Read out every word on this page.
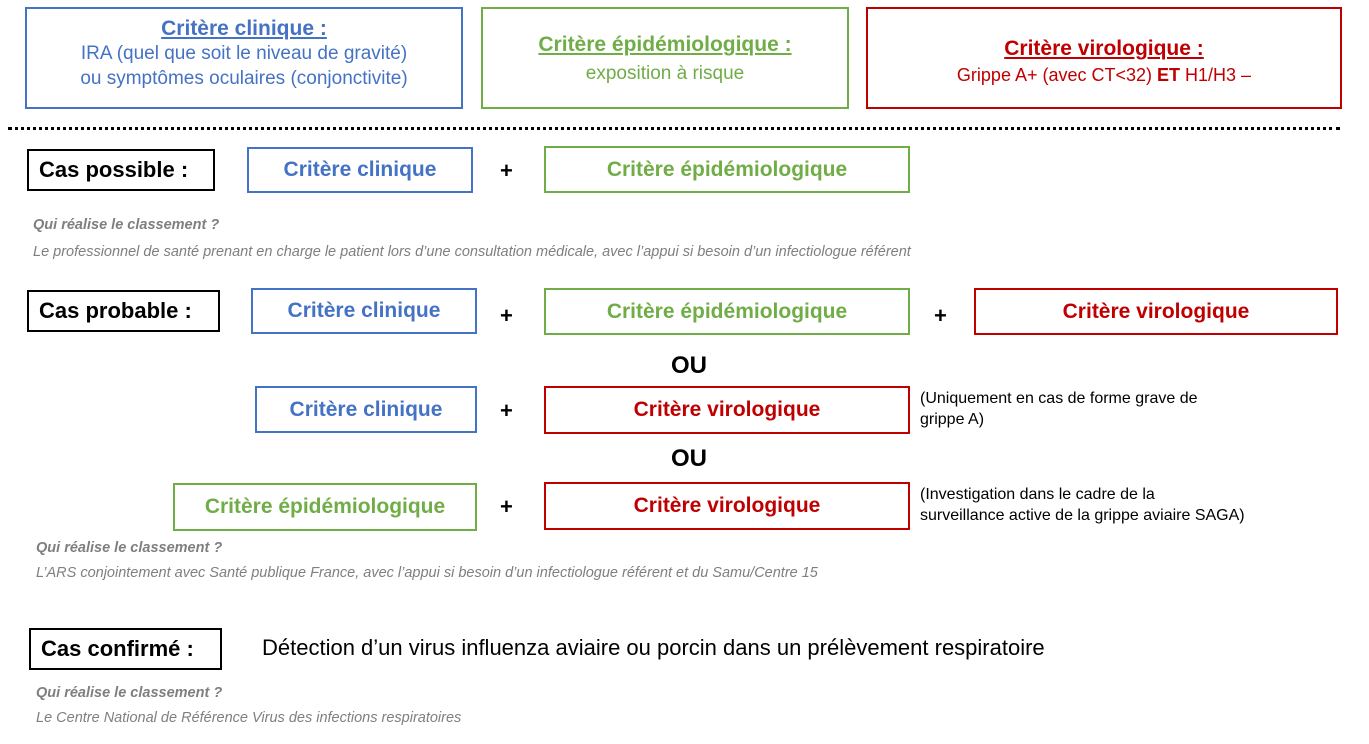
Critère clinique :
IRA (quel que soit le niveau de gravité)
ou symptômes oculaires (conjonctivite)
Critère épidémiologique :
exposition à risque
Critère virologique :
Grippe A+ (avec CT<32) ET H1/H3 –
Cas possible :	Critère clinique	+	Critère épidémiologique
Qui réalise le classement ?
Le professionnel de santé prenant en charge le patient lors d’une consultation médicale, avec l’appui si besoin d’un infectiologue référent
Cas probable :	Critère clinique	+	Critère épidémiologique	+	Critère virologique
OU
Critère clinique	+	Critère virologique	(Uniquement en cas de forme grave de
grippe A)
OU
Critère épidémiologique	+	Critère virologique	(Investigation dans le cadre de la
surveillance active de la grippe aviaire SAGA)
Qui réalise le classement ?
L’ARS conjointement avec Santé publique France, avec l’appui si besoin d’un infectiologue référent et du Samu/Centre 15
Cas confirmé :	Détection d’un virus influenza aviaire ou porcin dans un prélèvement respiratoire
Qui réalise le classement ?
Le Centre National de Référence Virus des infections respiratoires
